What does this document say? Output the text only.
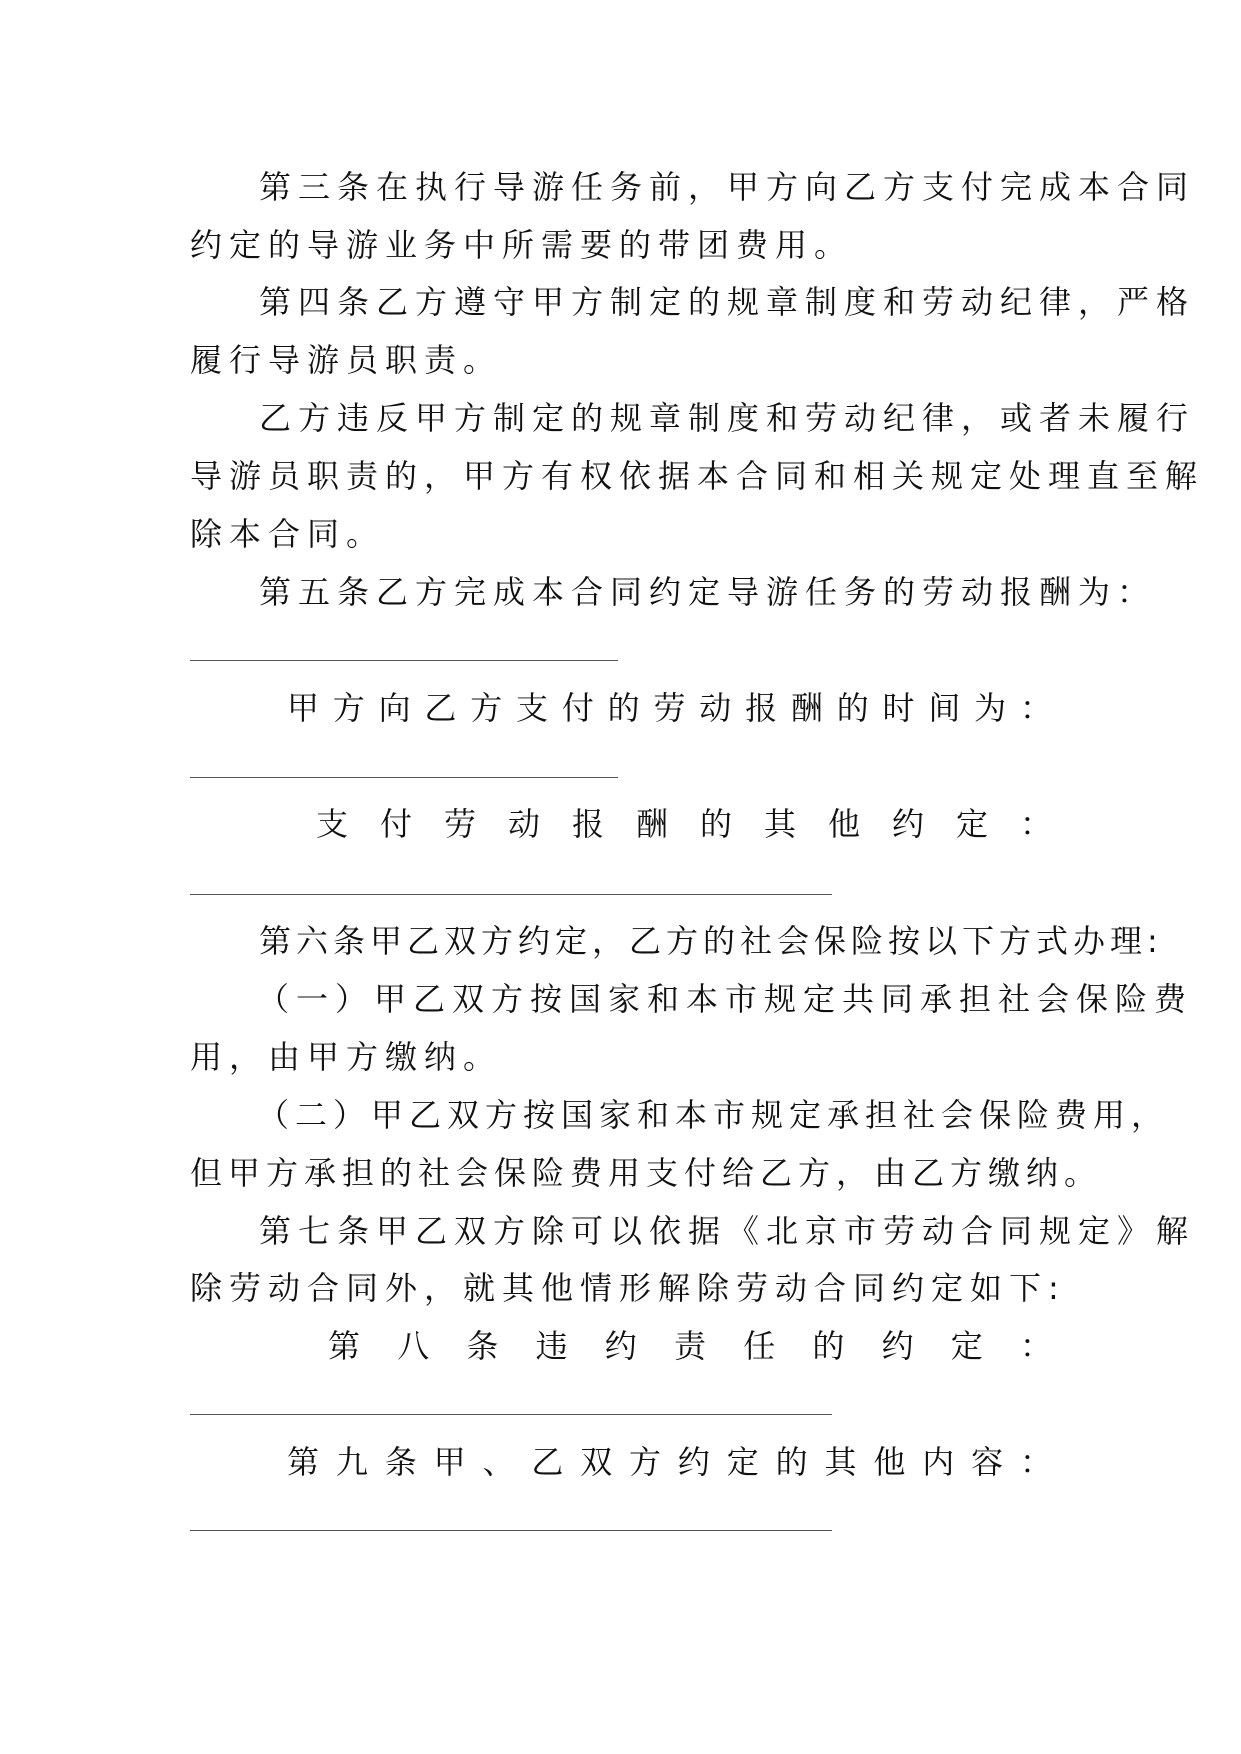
第三条在执行导游任务前，甲方向乙方支付完成本合同
约定的导游业务中所需要的带团费用。
第四条乙方遵守甲方制定的规章制度和劳动纪律，严格
履行导游员职责。
乙方违反甲方制定的规章制度和劳动纪律，或者未履行
导游员职责的，甲方有权依据本合同和相关规定处理直至解
除本合同。
第五条乙方完成本合同约定导游任务的劳动报酬为：
甲方向乙方支付的劳动报酬的时间为：
支付劳动报酬的其他约定：
第六条甲乙双方约定，乙方的社会保险按以下方式办理:
（一）甲乙双方按国家和本市规定共同承担社会保险费
用，由甲方缴纳。
（二）甲乙双方按国家和本市规定承担社会保险费用，
但甲方承担的社会保险费用支付给乙方，由乙方缴纳。
第七条甲乙双方除可以依据《北京市劳动合同规定》解
除劳动合同外，就其他情形解除劳动合同约定如下:
第八条违约责任的约定：
第九条甲、乙双方约定的其他内容：
